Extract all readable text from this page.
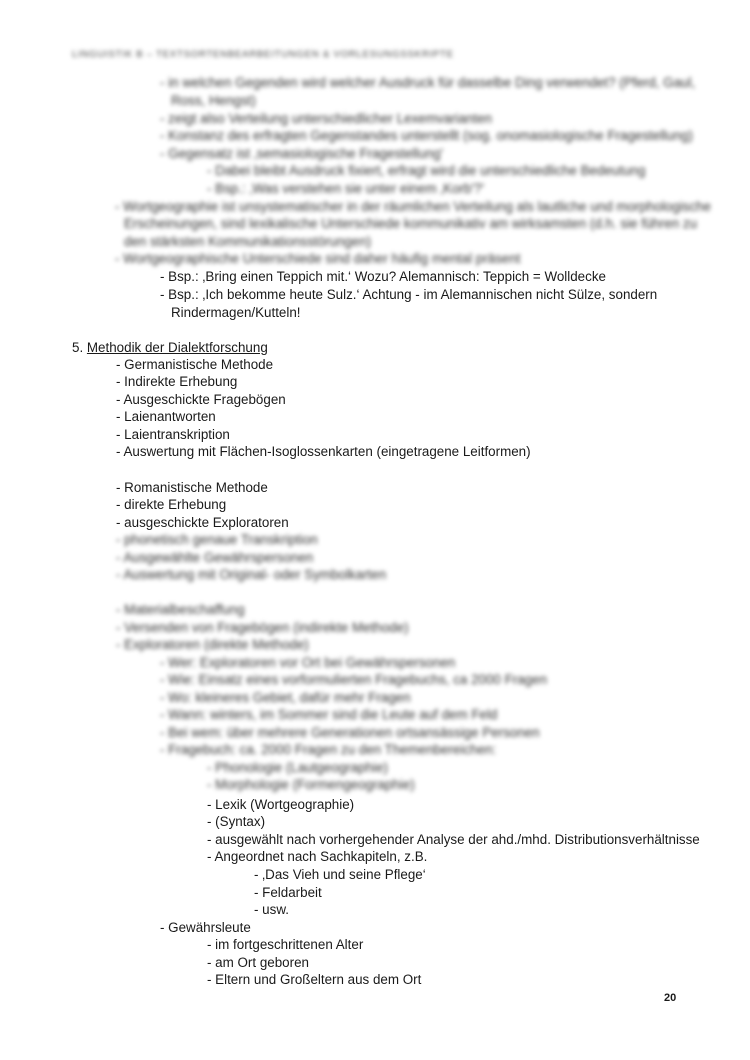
LINGUISTIK B – TEXTSORTENBEARBEITUNGEN & VORLESUNGSSKRIPTE
- in welchen Gegenden wird welcher Ausdruck für dasselbe Ding verwendet? (Pferd, Gaul,
Ross, Hengst)
- zeigt also Verteilung unterschiedlicher Lexemvarianten
- Konstanz des erfragten Gegenstandes unterstellt (sog. onomasiologische Fragestellung)
- Gegensatz ist ‚semasiologische Fragestellung'
- Dabei bleibt Ausdruck fixiert, erfragt wird die unterschiedliche Bedeutung
- Bsp.: ‚Was verstehen sie unter einem ‚Korb'?'
- Wortgeographie ist unsystematischer in der räumlichen Verteilung als lautliche und morphologische
Erscheinungen, sind lexikalische Unterschiede kommunikativ am wirksamsten (d.h. sie führen zu
den stärksten Kommunikationsstörungen)
- Wortgeographische Unterschiede sind daher häufig mental präsent
- Bsp.: ‚Bring einen Teppich mit.‘ Wozu? Alemannisch: Teppich = Wolldecke
- Bsp.: ‚Ich bekomme heute Sulz.‘ Achtung - im Alemannischen nicht Sülze, sondern
Rindermagen/Kutteln!
5. Methodik der Dialektforschung
- Germanistische Methode
- Indirekte Erhebung
- Ausgeschickte Fragebögen
- Laienantworten
- Laientranskription
- Auswertung mit Flächen-Isoglossenkarten (eingetragene Leitformen)
- Romanistische Methode
- direkte Erhebung
- ausgeschickte Exploratoren
- phonetisch genaue Transkription
- Ausgewählte Gewährspersonen
- Auswertung mit Original- oder Symbolkarten
- Materialbeschaffung
- Versenden von Fragebögen (indirekte Methode)
- Exploratoren (direkte Methode)
- Wer: Exploratoren vor Ort bei Gewährspersonen
- Wie: Einsatz eines vorformulierten Fragebuchs, ca 2000 Fragen
- Wo: kleineres Gebiet, dafür mehr Fragen
- Wann: winters, im Sommer sind die Leute auf dem Feld
- Bei wem: über mehrere Generationen ortsansässige Personen
- Fragebuch: ca. 2000 Fragen zu den Themenbereichen:
- Phonologie (Lautgeographie)
- Morphologie (Formengeographie)
- Lexik (Wortgeographie)
- (Syntax)
- ausgewählt nach vorhergehender Analyse der ahd./mhd. Distributionsverhältnisse
- Angeordnet nach Sachkapiteln, z.B.
- ‚Das Vieh und seine Pflege‘
- Feldarbeit
- usw.
- Gewährsleute
- im fortgeschrittenen Alter
- am Ort geboren
- Eltern und Großeltern aus dem Ort
20
